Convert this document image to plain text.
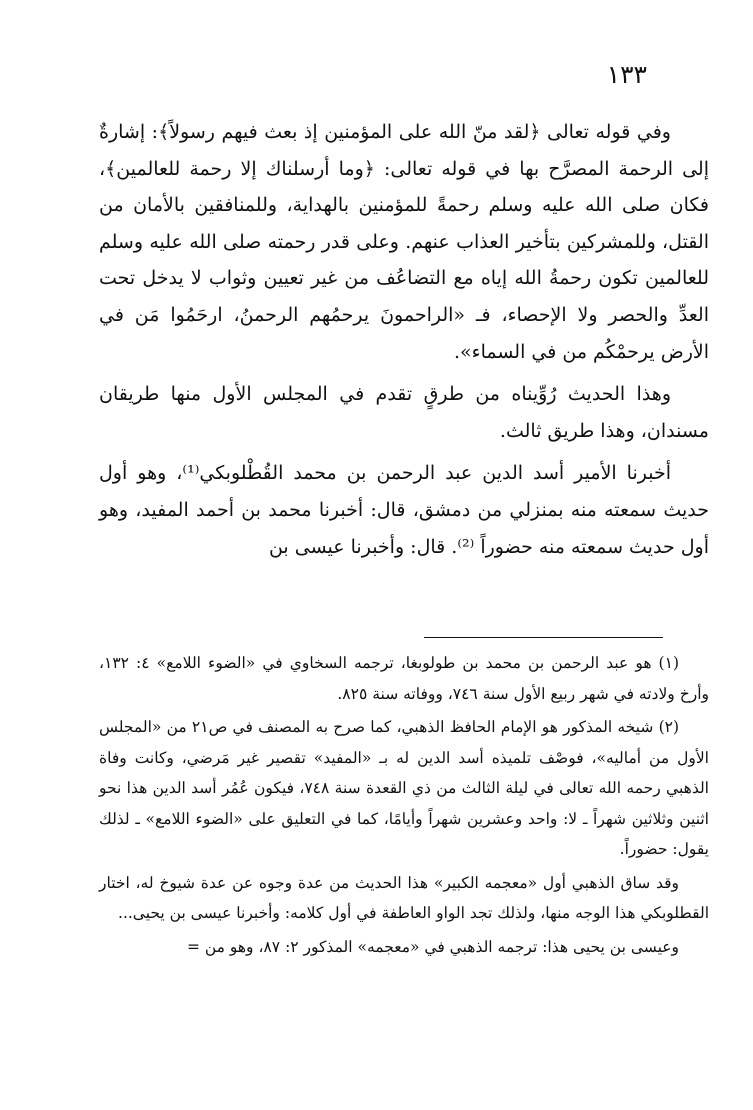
١٣٣

وفي قوله تعالى ﴿لقد منّ الله على المؤمنين إذ بعث فيهم رسولاً﴾: إشارةٌ إلى الرحمة المصرَّح بها في قوله تعالى: ﴿وما أرسلناك إلا رحمة للعالمين﴾، فكان صلى الله عليه وسلم رحمةً للمؤمنين بالهداية، وللمنافقين بالأمان من القتل، وللمشركين بتأخير العذاب عنهم. وعلى قدر رحمته صلى الله عليه وسلم للعالمين تكون رحمةُ الله إياه مع التضاعُف من غير تعيين وثواب لا يدخل تحت العدِّ والحصر ولا الإحصاء، فـ «الراحمونَ يرحمُهم الرحمنُ، ارحَمُوا مَن في الأرض يرحمْكُم من في السماء».

وهذا الحديث رُوِّيناه من طرقٍ تقدم في المجلس الأول منها طريقان مسندان، وهذا طريق ثالث.

أخبرنا الأمير أسد الدين عبد الرحمن بن محمد القُطْلوبكي⁽¹⁾، وهو أول حديث سمعته منه بمنزلي من دمشق، قال: أخبرنا محمد بن أحمد المفيد، وهو أول حديث سمعته منه حضوراً ⁽²⁾. قال: وأخبرنا عيسى بن

(١) هو عبد الرحمن بن محمد بن طولوبغا، ترجمه السخاوي في «الضوء اللامع» ٤: ١٣٢، وأرخ ولادته في شهر ربيع الأول سنة ٧٤٦، ووفاته سنة ٨٢٥.

(٢) شيخه المذكور هو الإمام الحافظ الذهبي، كما صرح به المصنف في ص٢١ من «المجلس الأول من أماليه»، فوصْف تلميذه أسد الدين له بـ «المفيد» تقصير غير مَرضي، وكانت وفاة الذهبي رحمه الله تعالى في ليلة الثالث من ذي القعدة سنة ٧٤٨، فيكون عُمُر أسد الدين هذا نحو اثنين وثلاثين شهراً ـ لا: واحد وعشرين شهراً وأيامًا، كما في التعليق على «الضوء اللامع» ـ لذلك يقول: حضوراً.

وقد ساق الذهبي أول «معجمه الكبير» هذا الحديث من عدة وجوه عن عدة شيوخ له، اختار القطلوبكي هذا الوجه منها، ولذلك تجد الواو العاطفة في أول كلامه: وأخبرنا عيسى بن يحيى...

وعيسى بن يحيى هذا: ترجمه الذهبي في «معجمه» المذكور ٢: ٨٧، وهو من =
